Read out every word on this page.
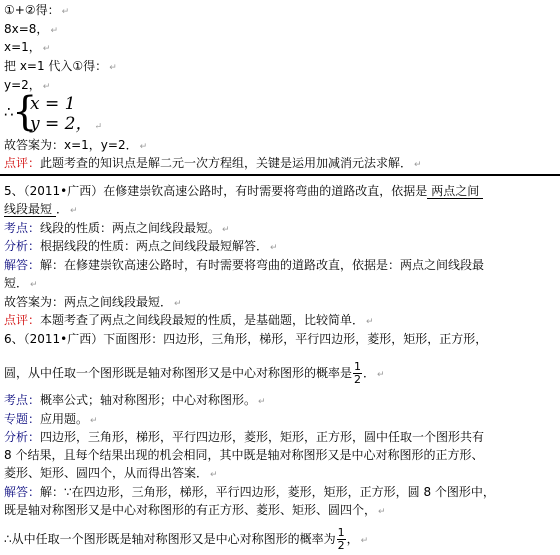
①+②得： ↵
8x=8， ↵
x=1， ↵
把 x=1 代入①得： ↵
y=2， ↵
∴
{
x = 1
y = 2， ↵
故答案为：x=1，y=2． ↵
点评：此题考查的知识点是解二元一次方程组，关键是运用加减消元法求解． ↵
5、（2011•广西）在修建崇钦高速公路时，有时需要将弯曲的道路改直，依据是 两点之间
线段最短 ． ↵
考点：线段的性质：两点之间线段最短。 ↵
分析：根据线段的性质：两点之间线段最短解答． ↵
解答：解：在修建崇钦高速公路时，有时需要将弯曲的道路改直，依据是：两点之间线段最
短． ↵
故答案为：两点之间线段最短． ↵
点评：本题考查了两点之间线段最短的性质，是基础题，比较简单． ↵
6、（2011•广西）下面图形：四边形，三角形，梯形，平行四边形，菱形，矩形，正方形，
圆，从中任取一个图形既是轴对称图形又是中心对称图形的概率是 $\frac{1}{2}$ ． ↵
考点：概率公式；轴对称图形；中心对称图形。 ↵
专题：应用题。 ↵
分析：四边形，三角形，梯形，平行四边形，菱形，矩形，正方形，圆中任取一个图形共有
8 个结果，且每个结果出现的机会相同，其中既是轴对称图形又是中心对称图形的正方形、
菱形、矩形、圆四个，从而得出答案． ↵
解答：解：∵在四边形，三角形，梯形，平行四边形，菱形，矩形，正方形，圆 8 个图形中，
既是轴对称图形又是中心对称图形的有正方形、菱形、矩形、圆四个， ↵
∴从中任取一个图形既是轴对称图形又是中心对称图形的概率为 $\frac{1}{2}$ ， ↵
